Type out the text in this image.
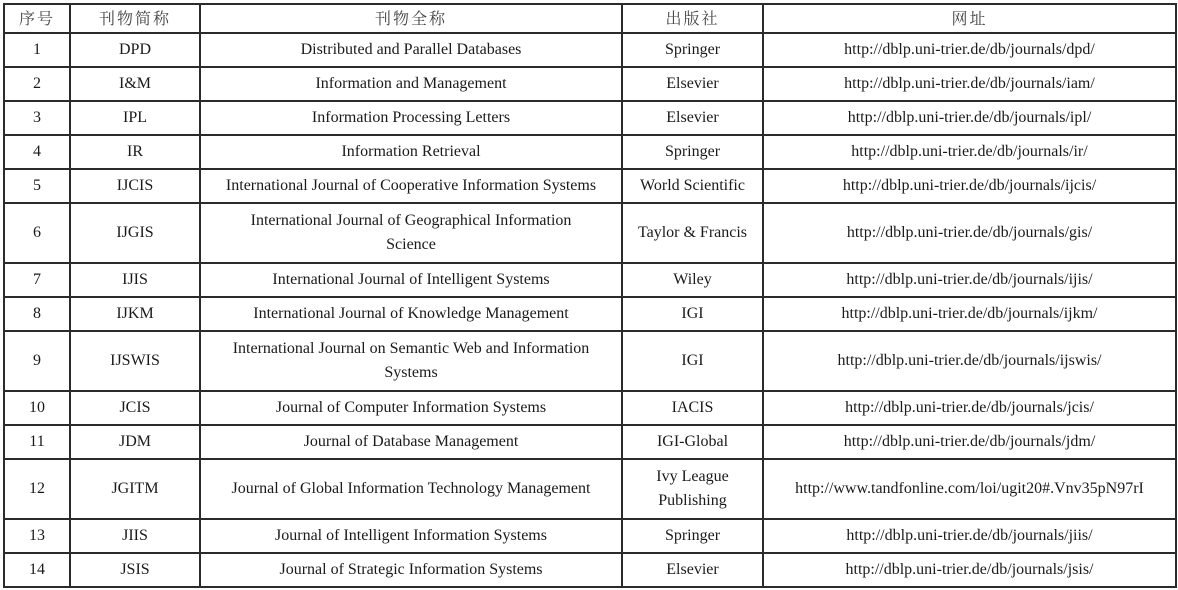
序号	刊物简称	刊物全称	出版社	网址
1	DPD	Distributed and Parallel Databases	Springer	http://dblp.uni-trier.de/db/journals/dpd/
2	I&M	Information and Management	Elsevier	http://dblp.uni-trier.de/db/journals/iam/
3	IPL	Information Processing Letters	Elsevier	http://dblp.uni-trier.de/db/journals/ipl/
4	IR	Information Retrieval	Springer	http://dblp.uni-trier.de/db/journals/ir/
5	IJCIS	International Journal of Cooperative Information Systems	World Scientific	http://dblp.uni-trier.de/db/journals/ijcis/
6	IJGIS	International Journal of Geographical Information Science	Taylor & Francis	http://dblp.uni-trier.de/db/journals/gis/
7	IJIS	International Journal of Intelligent Systems	Wiley	http://dblp.uni-trier.de/db/journals/ijis/
8	IJKM	International Journal of Knowledge Management	IGI	http://dblp.uni-trier.de/db/journals/ijkm/
9	IJSWIS	International Journal on Semantic Web and Information Systems	IGI	http://dblp.uni-trier.de/db/journals/ijswis/
10	JCIS	Journal of Computer Information Systems	IACIS	http://dblp.uni-trier.de/db/journals/jcis/
11	JDM	Journal of Database Management	IGI-Global	http://dblp.uni-trier.de/db/journals/jdm/
12	JGITM	Journal of Global Information Technology Management	Ivy League Publishing	http://www.tandfonline.com/loi/ugit20#.Vnv35pN97rI
13	JIIS	Journal of Intelligent Information Systems	Springer	http://dblp.uni-trier.de/db/journals/jiis/
14	JSIS	Journal of Strategic Information Systems	Elsevier	http://dblp.uni-trier.de/db/journals/jsis/
